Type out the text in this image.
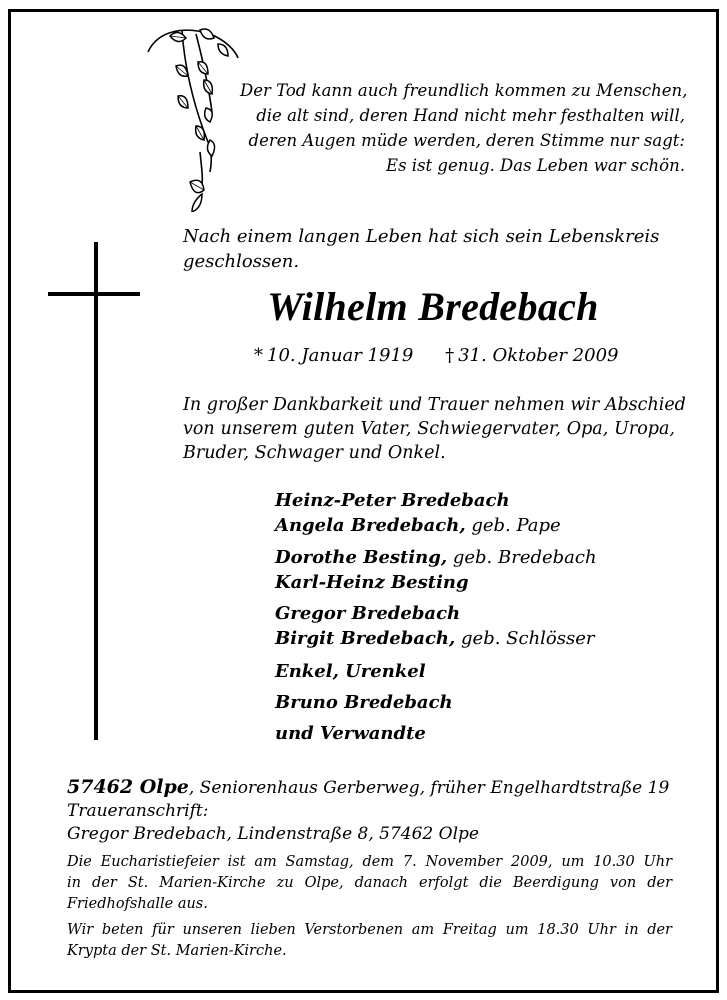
Der Tod kann auch freundlich kommen zu Menschen,
die alt sind, deren Hand nicht mehr festhalten will,
deren Augen müde werden, deren Stimme nur sagt:
Es ist genug. Das Leben war schön.
Nach einem langen Leben hat sich sein Lebenskreis
geschlossen.
Wilhelm Bredebach
* 10. Januar 1919 † 31. Oktober 2009
In großer Dankbarkeit und Trauer nehmen wir Abschied
von unserem guten Vater, Schwiegervater, Opa, Uropa,
Bruder, Schwager und Onkel.
Heinz-Peter Bredebach
Angela Bredebach, geb. Pape
Dorothe Besting, geb. Bredebach
Karl-Heinz Besting
Gregor Bredebach
Birgit Bredebach, geb. Schlösser
Enkel, Urenkel
Bruno Bredebach
und Verwandte
57462 Olpe, Seniorenhaus Gerberweg, früher Engelhardtstraße 19
Traueranschrift:
Gregor Bredebach, Lindenstraße 8, 57462 Olpe
Die Eucharistiefeier ist am Samstag, dem 7. November 2009, um 10.30 Uhr
in der St. Marien-Kirche zu Olpe, danach erfolgt die Beerdigung von der
Friedhofshalle aus.
Wir beten für unseren lieben Verstorbenen am Freitag um 18.30 Uhr in der
Krypta der St. Marien-Kirche.
